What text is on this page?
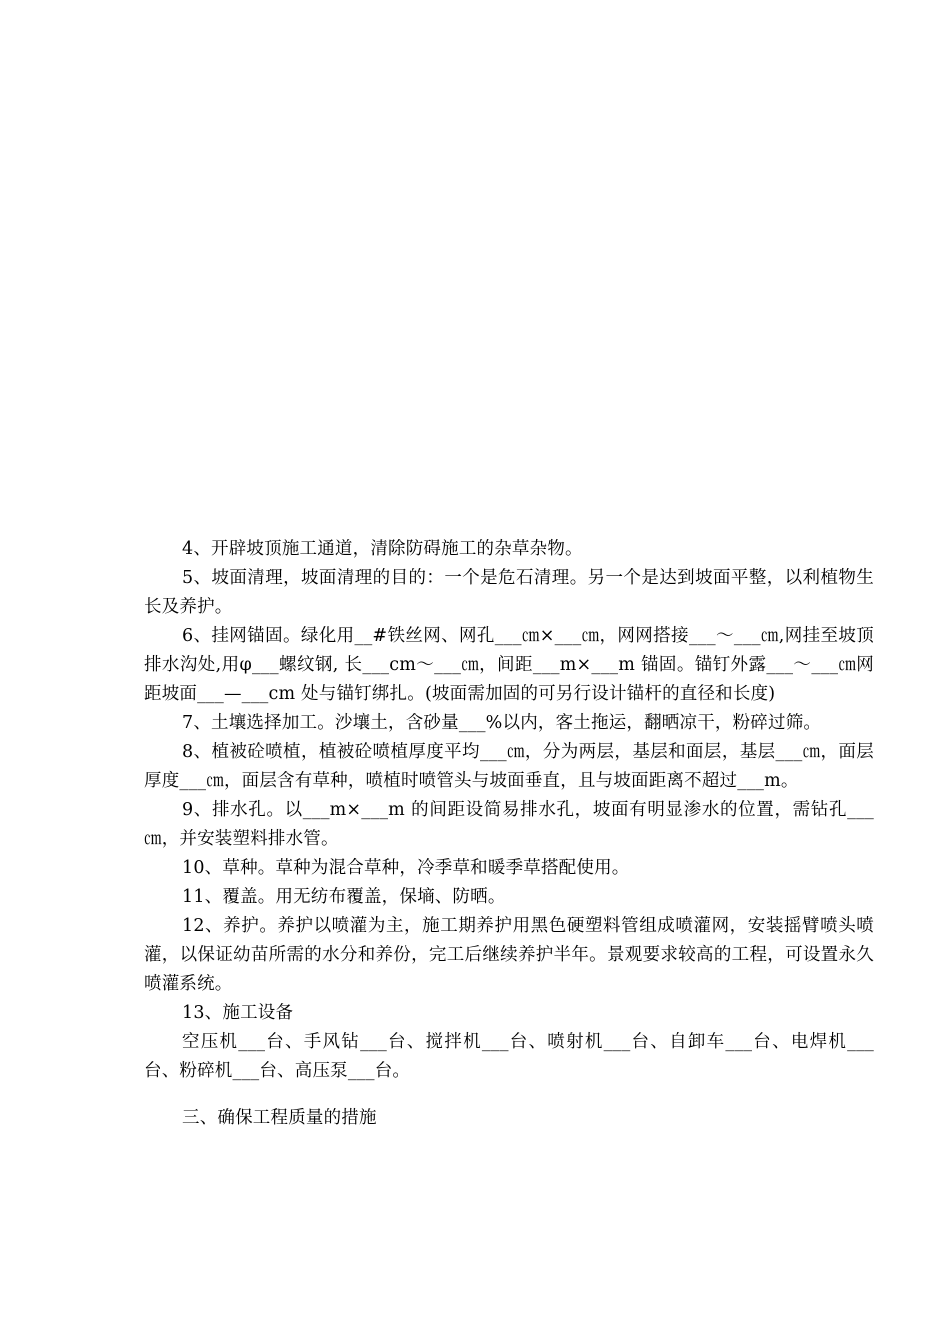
4、开辟坡顶施工通道，清除防碍施工的杂草杂物。

5、坡面清理，坡面清理的目的：一个是危石清理。另一个是达到坡面平整，以利植物生长及养护。

6、挂网锚固。绿化用__#铁丝网、网孔___㎝×___㎝，网网搭接___～___㎝,网挂至坡顶排水沟处,用φ___螺纹钢, 长___cm～___㎝，间距___m×___m 锚固。锚钉外露___～___㎝网距坡面___—___cm 处与锚钉绑扎。(坡面需加固的可另行设计锚杆的直径和长度)

7、土壤选择加工。沙壤土，含砂量___%以内，客土拖运，翻晒凉干，粉碎过筛。

8、植被砼喷植，植被砼喷植厚度平均___㎝，分为两层，基层和面层，基层___㎝，面层厚度___㎝，面层含有草种，喷植时喷管头与坡面垂直，且与坡面距离不超过___m。

9、排水孔。以___m×___m 的间距设简易排水孔，坡面有明显渗水的位置，需钻孔___㎝，并安装塑料排水管。

10、草种。草种为混合草种，冷季草和暖季草搭配使用。

11、覆盖。用无纺布覆盖，保墒、防晒。

12、养护。养护以喷灌为主，施工期养护用黑色硬塑料管组成喷灌网，安装摇臂喷头喷灌，以保证幼苗所需的水分和养份，完工后继续养护半年。景观要求较高的工程，可设置永久喷灌系统。

13、施工设备

空压机___台、手风钻___台、搅拌机___台、喷射机___台、自卸车___台、电焊机___台、粉碎机___台、高压泵___台。

三、确保工程质量的措施
